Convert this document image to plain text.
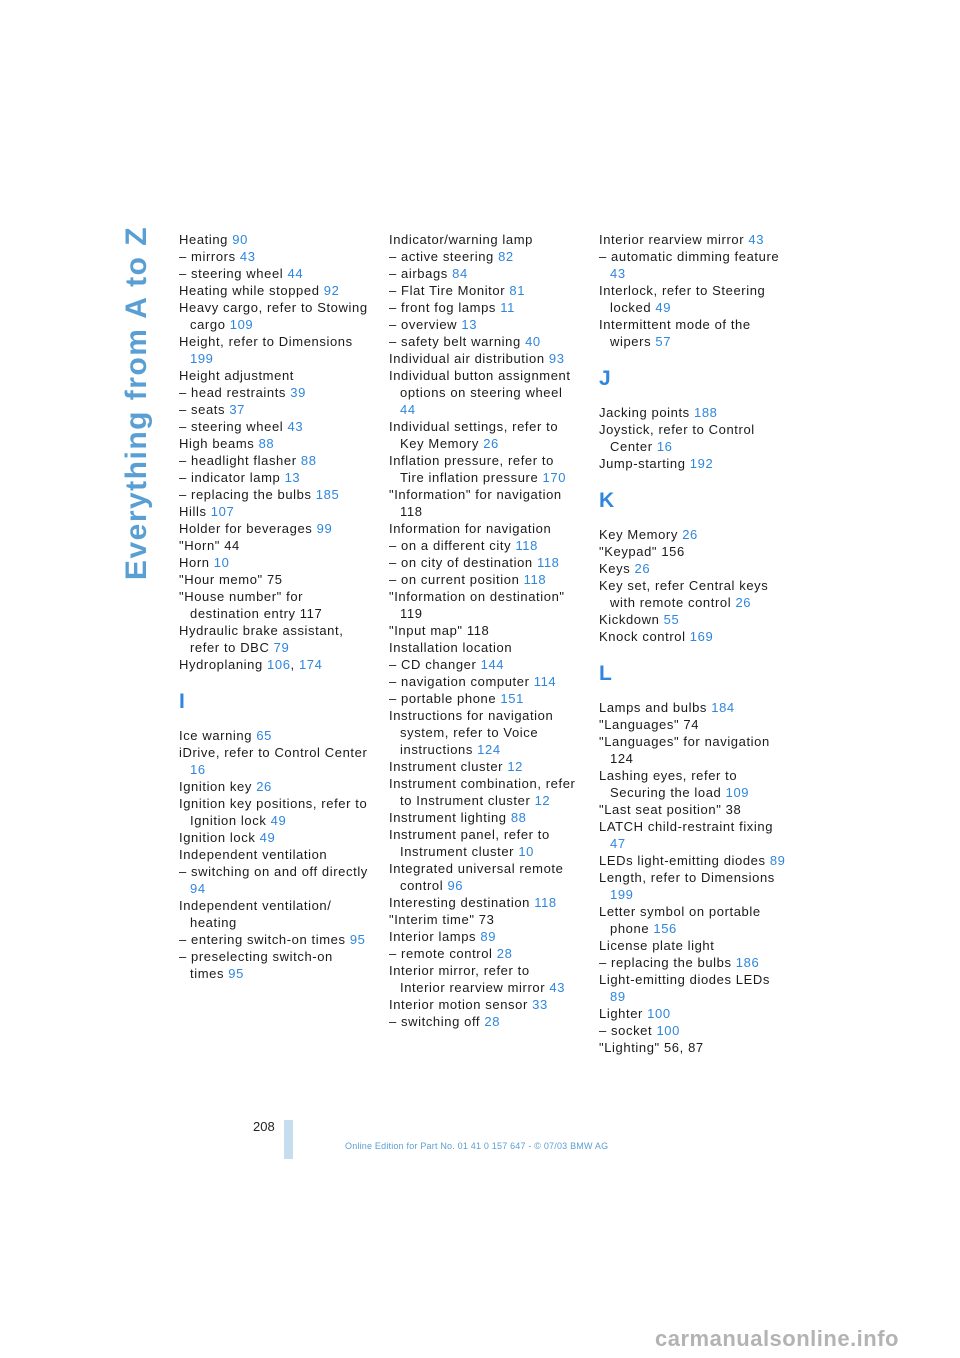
Everything from A to Z Heating 90
– mirrors 43
– steering wheel 44
Heating while stopped 92
Heavy cargo, refer to Stowing cargo 109
Height, refer to Dimensions 199
Height adjustment
– head restraints 39
– seats 37
– steering wheel 43
High beams 88
– headlight flasher 88
– indicator lamp 13
– replacing the bulbs 185
Hills 107
Holder for beverages 99
"Horn" 44
Horn 10
"Hour memo" 75
"House number" for destination entry 117
Hydraulic brake assistant, refer to DBC 79
Hydroplaning 106, 174
I
Ice warning 65
iDrive, refer to Control Center 16
Ignition key 26
Ignition key positions, refer to Ignition lock 49
Ignition lock 49
Independent ventilation
– switching on and off directly 94
Independent ventilation/ heating
– entering switch-on times 95
– preselecting switch-on times 95
Indicator/warning lamp
– active steering 82
– airbags 84
– Flat Tire Monitor 81
– front fog lamps 11
– overview 13
– safety belt warning 40
Individual air distribution 93
Individual button assignment options on steering wheel 44
Individual settings, refer to Key Memory 26
Inflation pressure, refer to Tire inflation pressure 170
"Information" for navigation 118
Information for navigation
– on a different city 118
– on city of destination 118
– on current position 118
"Information on destination" 119
"Input map" 118
Installation location
– CD changer 144
– navigation computer 114
– portable phone 151
Instructions for navigation system, refer to Voice instructions 124
Instrument cluster 12
Instrument combination, refer to Instrument cluster 12
Instrument lighting 88
Instrument panel, refer to Instrument cluster 10
Integrated universal remote control 96
Interesting destination 118
"Interim time" 73
Interior lamps 89
– remote control 28
Interior mirror, refer to Interior rearview mirror 43
Interior motion sensor 33
– switching off 28
Interior rearview mirror 43
– automatic dimming feature 43
Interlock, refer to Steering locked 49
Intermittent mode of the wipers 57
J
Jacking points 188
Joystick, refer to Control Center 16
Jump-starting 192
K
Key Memory 26
"Keypad" 156
Keys 26
Key set, refer Central keys with remote control 26
Kickdown 55
Knock control 169
L
Lamps and bulbs 184
"Languages" 74
"Languages" for navigation 124
Lashing eyes, refer to Securing the load 109
"Last seat position" 38
LATCH child-restraint fixing 47
LEDs light-emitting diodes 89
Length, refer to Dimensions 199
Letter symbol on portable phone 156
License plate light
– replacing the bulbs 186
Light-emitting diodes LEDs 89
Lighter 100
– socket 100
"Lighting" 56, 87
208
Online Edition for Part No. 01 41 0 157 647 - © 07/03 BMW AG
carmanualsonline.info
